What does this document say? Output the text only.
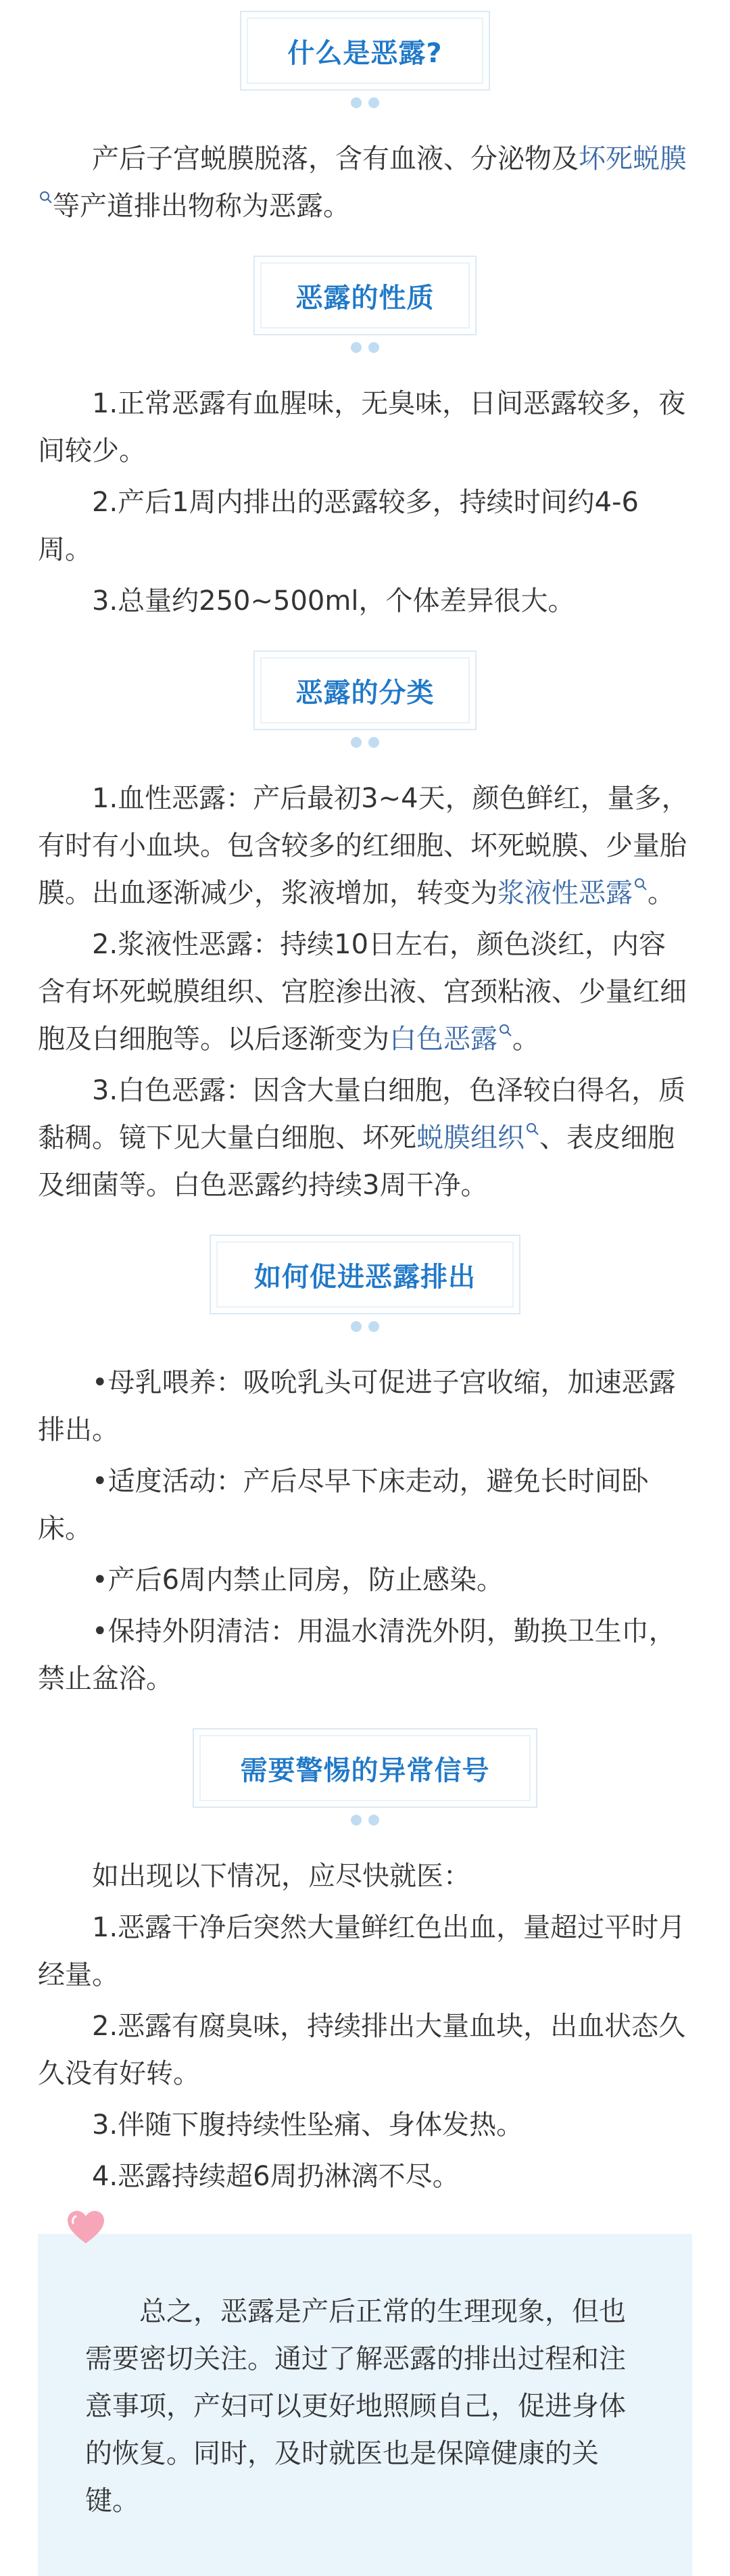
什么是恶露?

产后子宫蜕膜脱落，含有血液、分泌物及坏死蜕膜等产道排出物称为恶露。

恶露的性质

1.正常恶露有血腥味，无臭味，日间恶露较多，夜间较少。

2.产后1周内排出的恶露较多，持续时间约4-6周。

3.总量约250~500ml，个体差异很大。

恶露的分类

1.血性恶露：产后最初3~4天，颜色鲜红，量多，有时有小血块。包含较多的红细胞、坏死蜕膜、少量胎膜。出血逐渐减少，浆液增加，转变为浆液性恶露 。

2.浆液性恶露：持续10日左右，颜色淡红，内容含有坏死蜕膜组织、宫腔渗出液、宫颈粘液、少量红细胞及白细胞等。以后逐渐变为白色恶露 。

3.白色恶露：因含大量白细胞，色泽较白得名，质黏稠。镜下见大量白细胞、坏死蜕膜组织 、表皮细胞及细菌等。白色恶露约持续3周干净。

如何促进恶露排出

•母乳喂养：吸吮乳头可促进子宫收缩，加速恶露排出。

•适度活动：产后尽早下床走动，避免长时间卧床。

•产后6周内禁止同房，防止感染。

•保持外阴清洁：用温水清洗外阴，勤换卫生巾，禁止盆浴。

需要警惕的异常信号

如出现以下情况，应尽快就医：

1.恶露干净后突然大量鲜红色出血，量超过平时月经量。

2.恶露有腐臭味，持续排出大量血块，出血状态久久没有好转。

3.伴随下腹持续性坠痛、身体发热。

4.恶露持续超6周扔淋漓不尽。

总之，恶露是产后正常的生理现象，但也需要密切关注。通过了解恶露的排出过程和注意事项，产妇可以更好地照顾自己，促进身体的恢复。同时，及时就医也是保障健康的关键。
